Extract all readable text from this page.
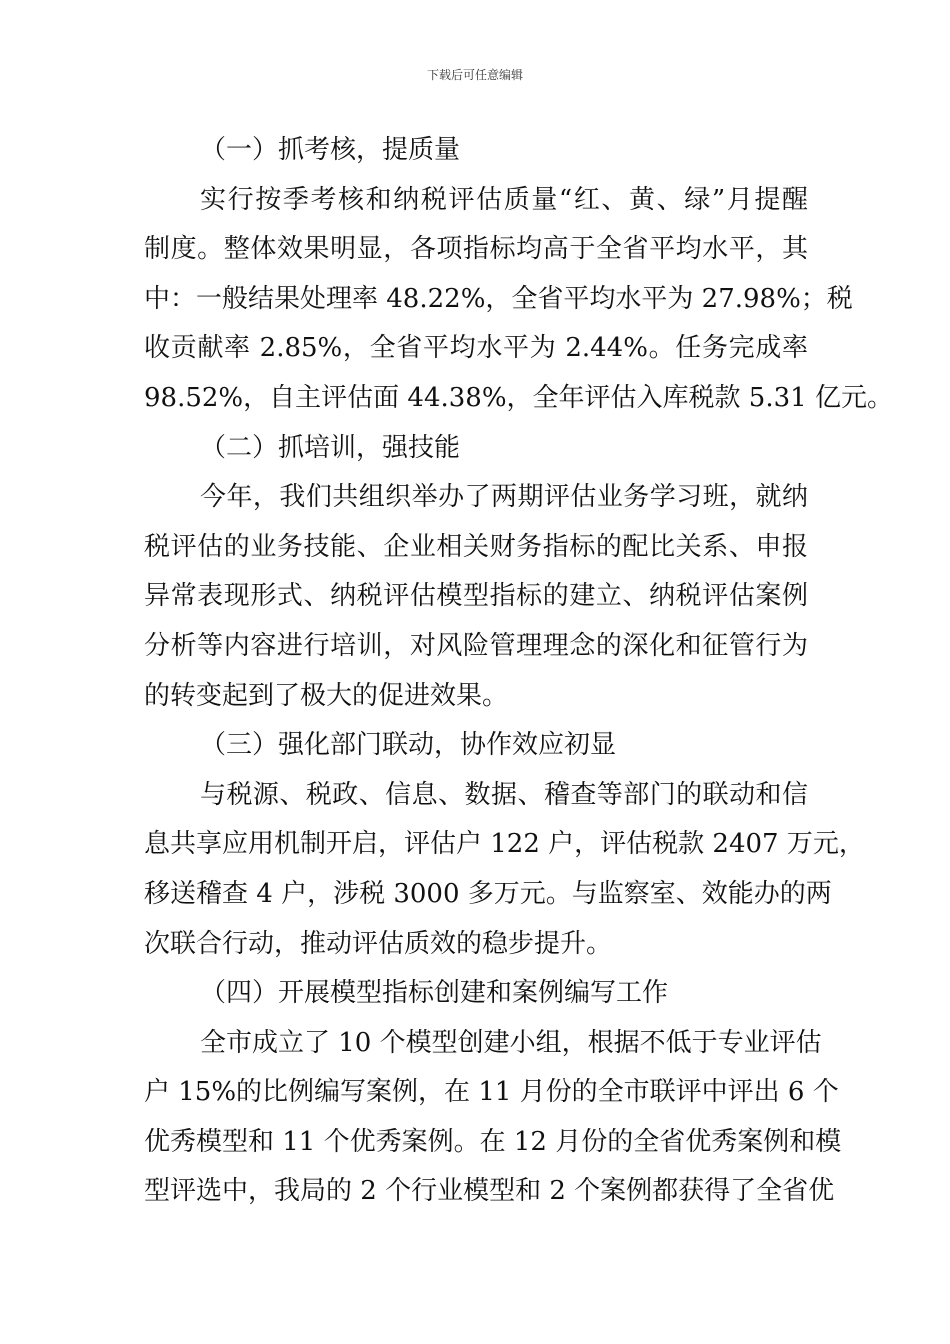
下载后可任意编辑
（一）抓考核，提质量
实行按季考核和纳税评估质量“红、黄、绿”月提醒
制度。整体效果明显，各项指标均高于全省平均水平，其
中：一般结果处理率 48.22%，全省平均水平为 27.98%；税
收贡献率 2.85%，全省平均水平为 2.44%。任务完成率
98.52%，自主评估面 44.38%，全年评估入库税款 5.31 亿元。
（二）抓培训，强技能
今年，我们共组织举办了两期评估业务学习班，就纳
税评估的业务技能、企业相关财务指标的配比关系、申报
异常表现形式、纳税评估模型指标的建立、纳税评估案例
分析等内容进行培训，对风险管理理念的深化和征管行为
的转变起到了极大的促进效果。
（三）强化部门联动，协作效应初显
与税源、税政、信息、数据、稽查等部门的联动和信
息共享应用机制开启，评估户 122 户，评估税款 2407 万元，
移送稽查 4 户，涉税 3000 多万元。与监察室、效能办的两
次联合行动，推动评估质效的稳步提升。
（四）开展模型指标创建和案例编写工作
全市成立了 10 个模型创建小组，根据不低于专业评估
户 15%的比例编写案例，在 11 月份的全市联评中评出 6 个
优秀模型和 11 个优秀案例。在 12 月份的全省优秀案例和模
型评选中，我局的 2 个行业模型和 2 个案例都获得了全省优
